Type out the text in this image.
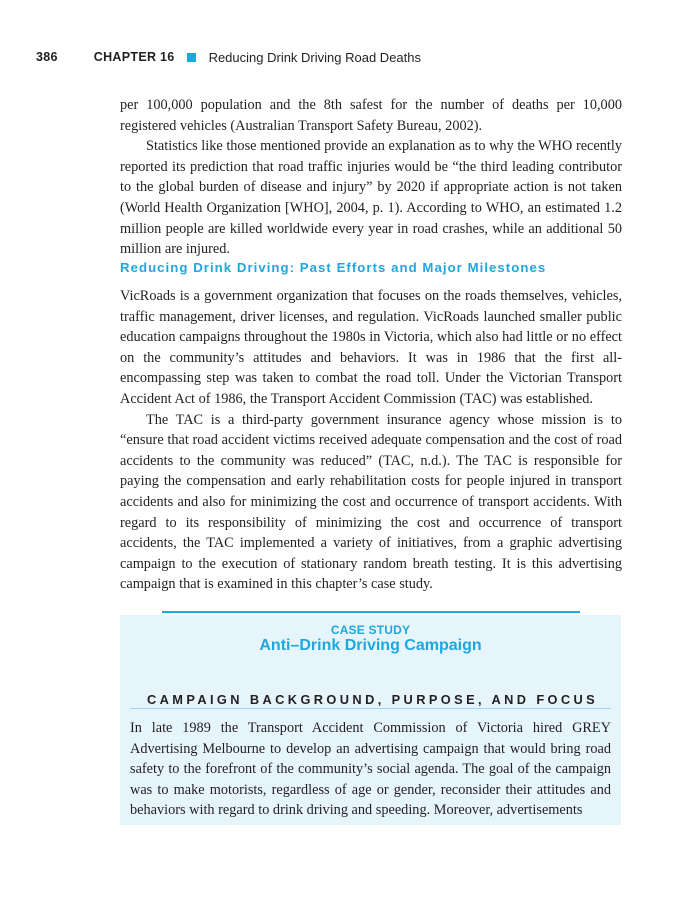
386	CHAPTER 16	Reducing Drink Driving Road Deaths

per 100,000 population and the 8th safest for the number of deaths per 10,000 registered vehicles (Australian Transport Safety Bureau, 2002).

Statistics like those mentioned provide an explanation as to why the WHO recently reported its prediction that road traffic injuries would be “the third leading contributor to the global burden of disease and injury” by 2020 if appropriate action is not taken (World Health Organization [WHO], 2004, p. 1). According to WHO, an estimated 1.2 million people are killed worldwide every year in road crashes, while an additional 50 million are injured.

Reducing Drink Driving: Past Efforts and Major Milestones

VicRoads is a government organization that focuses on the roads themselves, vehicles, traffic management, driver licenses, and regulation. VicRoads launched smaller public education campaigns throughout the 1980s in Victoria, which also had little or no effect on the community’s attitudes and behaviors. It was in 1986 that the first all-encompassing step was taken to combat the road toll. Under the Victorian Transport Accident Act of 1986, the Transport Accident Commission (TAC) was established.

The TAC is a third-party government insurance agency whose mission is to “ensure that road accident victims received adequate compensation and the cost of road accidents to the community was reduced” (TAC, n.d.). The TAC is responsible for paying the compensation and early rehabilitation costs for people injured in transport accidents and also for minimizing the cost and occurrence of transport accidents. With regard to its responsibility of minimizing the cost and occurrence of transport accidents, the TAC implemented a variety of initiatives, from a graphic advertising campaign to the execution of stationary random breath testing. It is this advertising campaign that is examined in this chapter’s case study.

CASE STUDY
Anti–Drink Driving Campaign
CAMPAIGN BACKGROUND, PURPOSE, AND FOCUS

In late 1989 the Transport Accident Commission of Victoria hired GREY Advertising Melbourne to develop an advertising campaign that would bring road safety to the forefront of the community’s social agenda. The goal of the campaign was to make motorists, regardless of age or gender, reconsider their attitudes and behaviors with regard to drink driving and speeding. Moreover, advertisements
